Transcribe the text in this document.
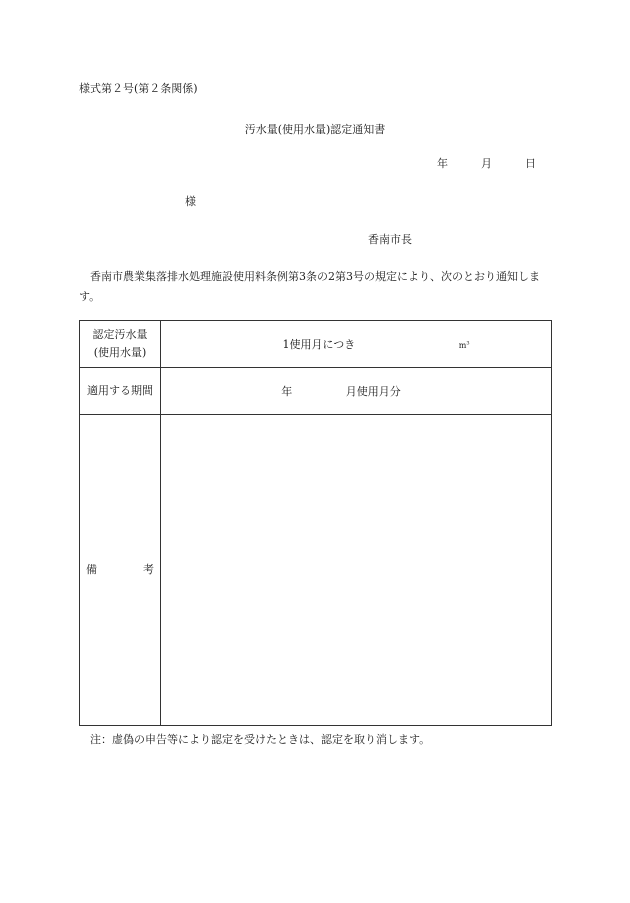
様式第２号(第２条関係)
汚水量(使用水量)認定通知書
年	月	日
様
香南市長
香南市農業集落排水処理施設使用料条例第3条の2第3号の規定により、次のとおり通知します。
認定汚水量
(使用水量)	1使用月につき $m^3$
適用する期間	年 月使用月分

備 考	

注：虚偽の申告等により認定を受けたときは、認定を取り消します。
